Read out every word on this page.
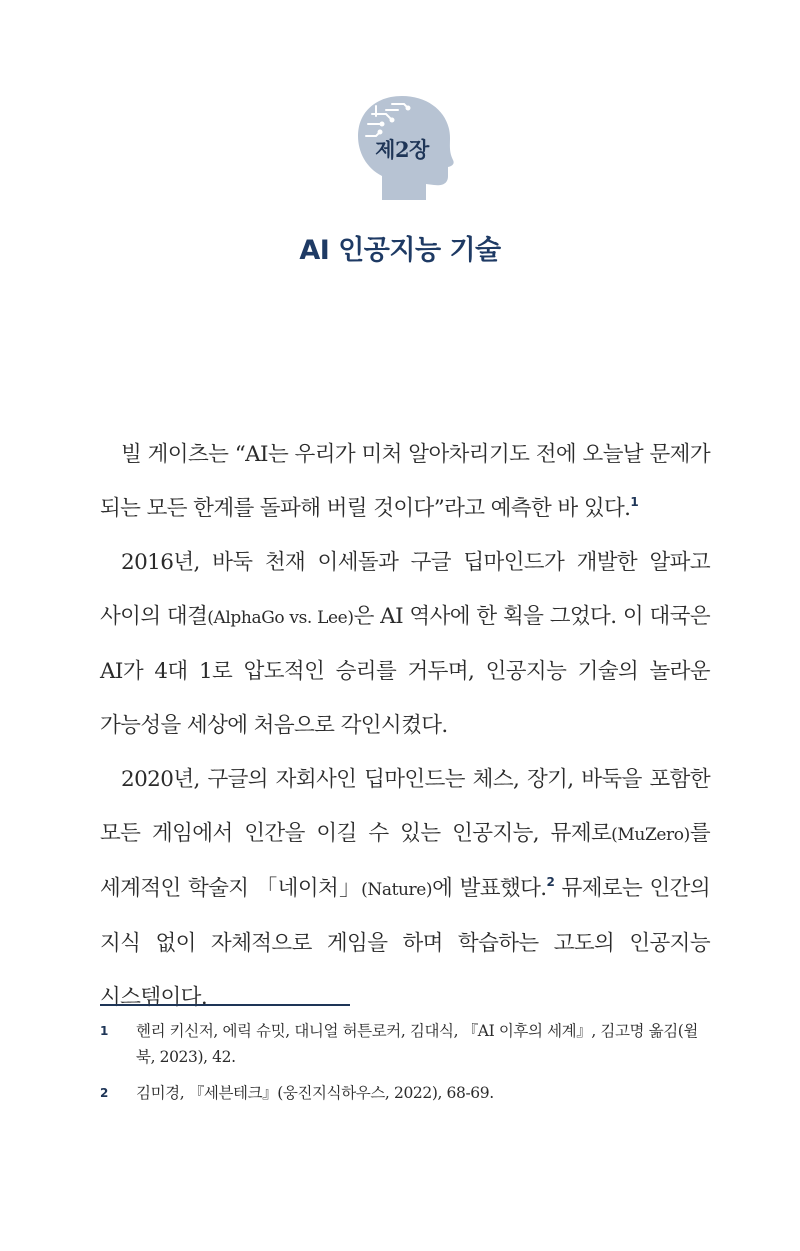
제2장
AI 인공지능 기술

빌 게이츠는 “AI는 우리가 미처 알아차리기도 전에 오늘날 문제가 되는 모든 한계를 돌파해 버릴 것이다”라고 예측한 바 있다.$^1$

2016년, 바둑 천재 이세돌과 구글 딥마인드가 개발한 알파고 사이의 대결(AlphaGo vs. Lee)은 AI 역사에 한 획을 그었다. 이 대국은 AI가 4대 1로 압도적인 승리를 거두며, 인공지능 기술의 놀라운 가능성을 세상에 처음으로 각인시켰다.

2020년, 구글의 자회사인 딥마인드는 체스, 장기, 바둑을 포함한 모든 게임에서 인간을 이길 수 있는 인공지능, 뮤제로(MuZero)를 세계적인 학술지 「네이처」(Nature)에 발표했다.$^2$ 뮤제로는 인간의 지식 없이 자체적으로 게임을 하며 학습하는 고도의 인공지능 시스템이다.

1 헨리 키신저, 에릭 슈밋, 대니얼 허튼로커, 김대식, 『AI 이후의 세계』, 김고명 옮김(윌북, 2023), 42.
2 김미경, 『세븐테크』(웅진지식하우스, 2022), 68-69.
